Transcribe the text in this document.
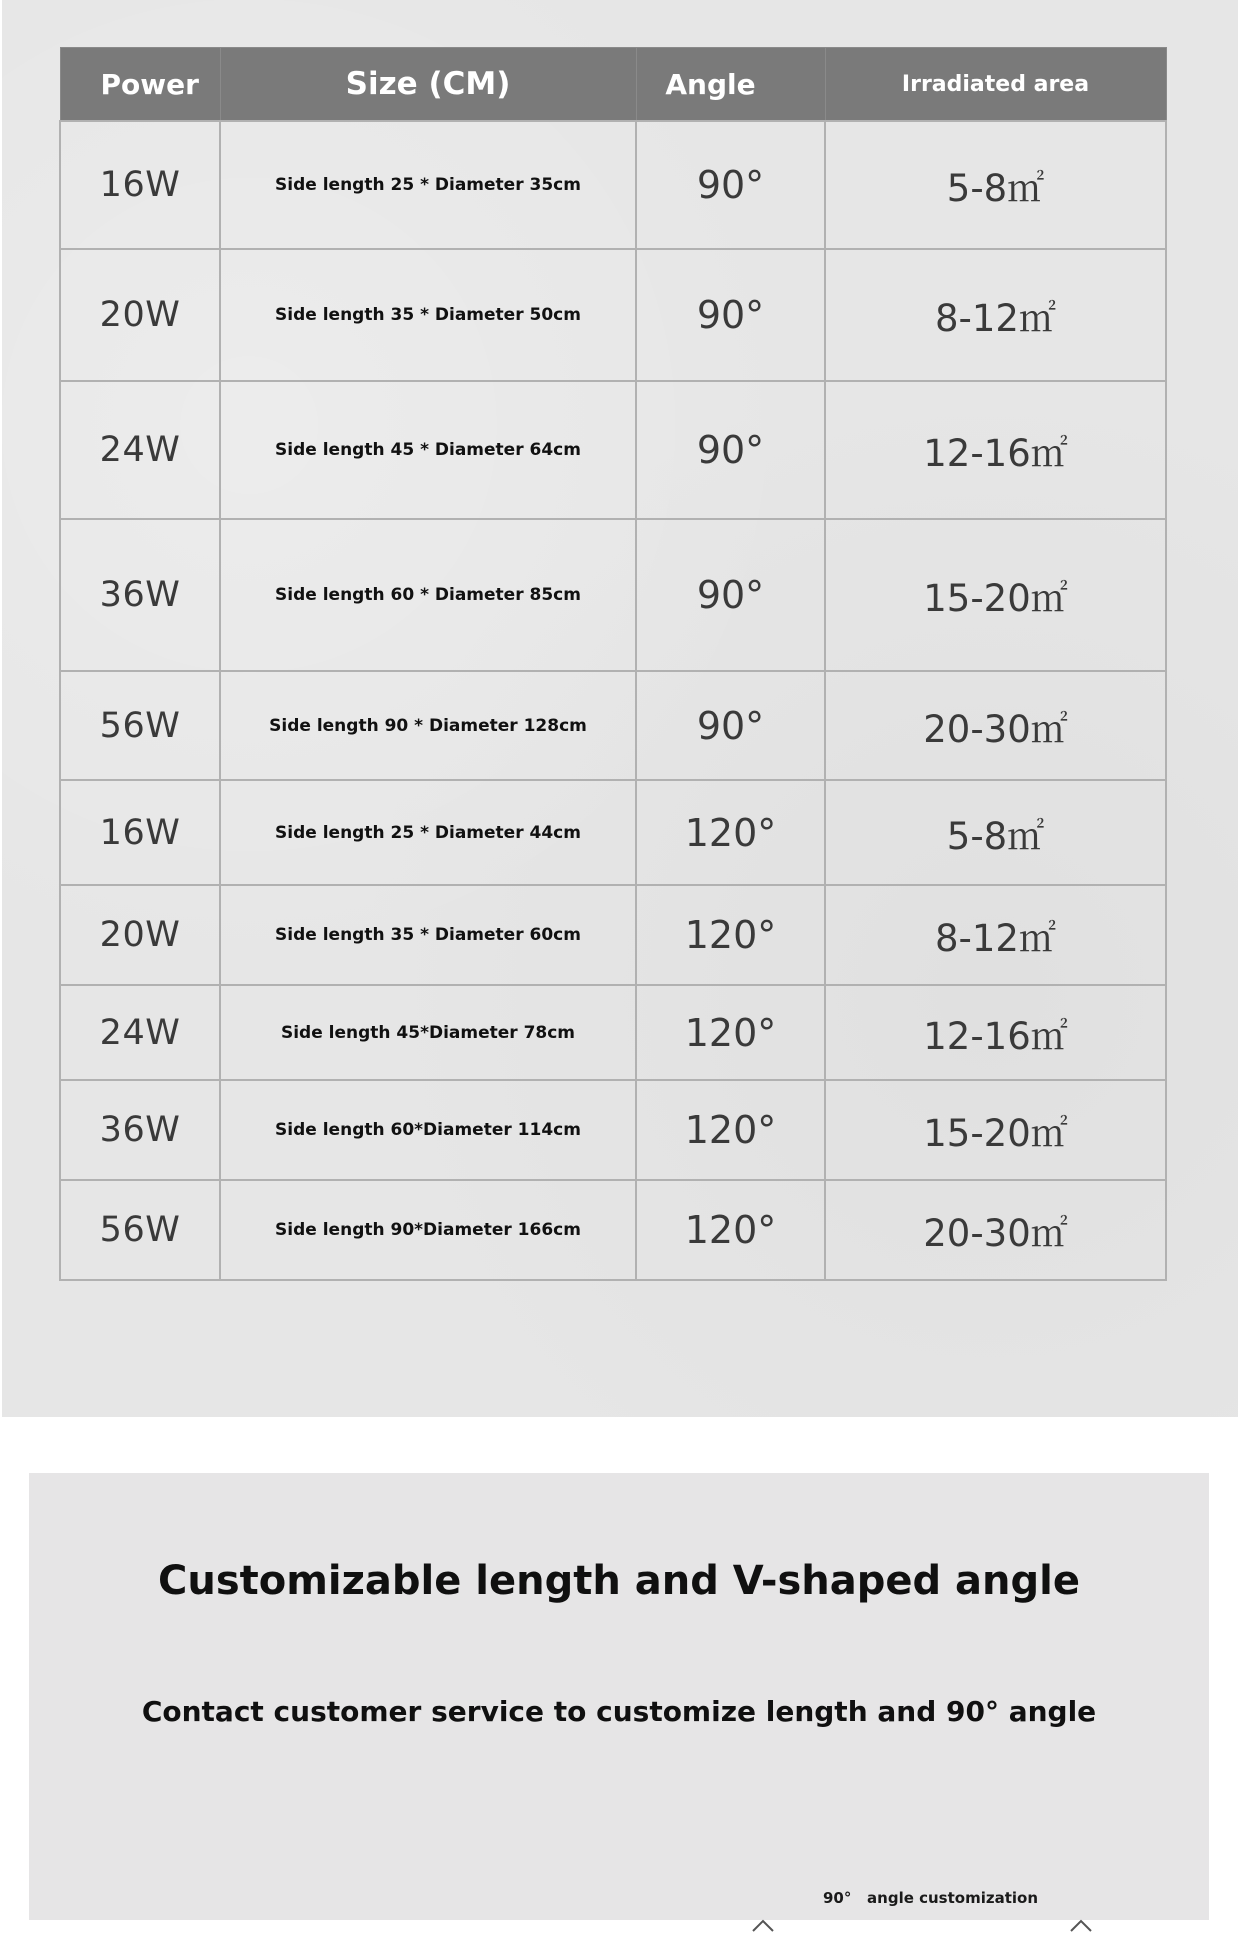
Power	Size (CM)	Angle	Irradiated area
16W	Side length 25 * Diameter 35cm	90°	5-8㎡
20W	Side length 35 * Diameter 50cm	90°	8-12㎡
24W	Side length 45 * Diameter 64cm	90°	12-16㎡
36W	Side length 60 * Diameter 85cm	90°	15-20㎡
56W	Side length 90 * Diameter 128cm	90°	20-30㎡
16W	Side length 25 * Diameter 44cm	120°	5-8㎡
20W	Side length 35 * Diameter 60cm	120°	8-12㎡
24W	Side length 45*Diameter 78cm	120°	12-16㎡
36W	Side length 60*Diameter 114cm	120°	15-20㎡
56W	Side length 90*Diameter 166cm	120°	20-30㎡
Customizable length and V-shaped angle

Contact customer service to customize length and 90° angle

90°   angle customization
